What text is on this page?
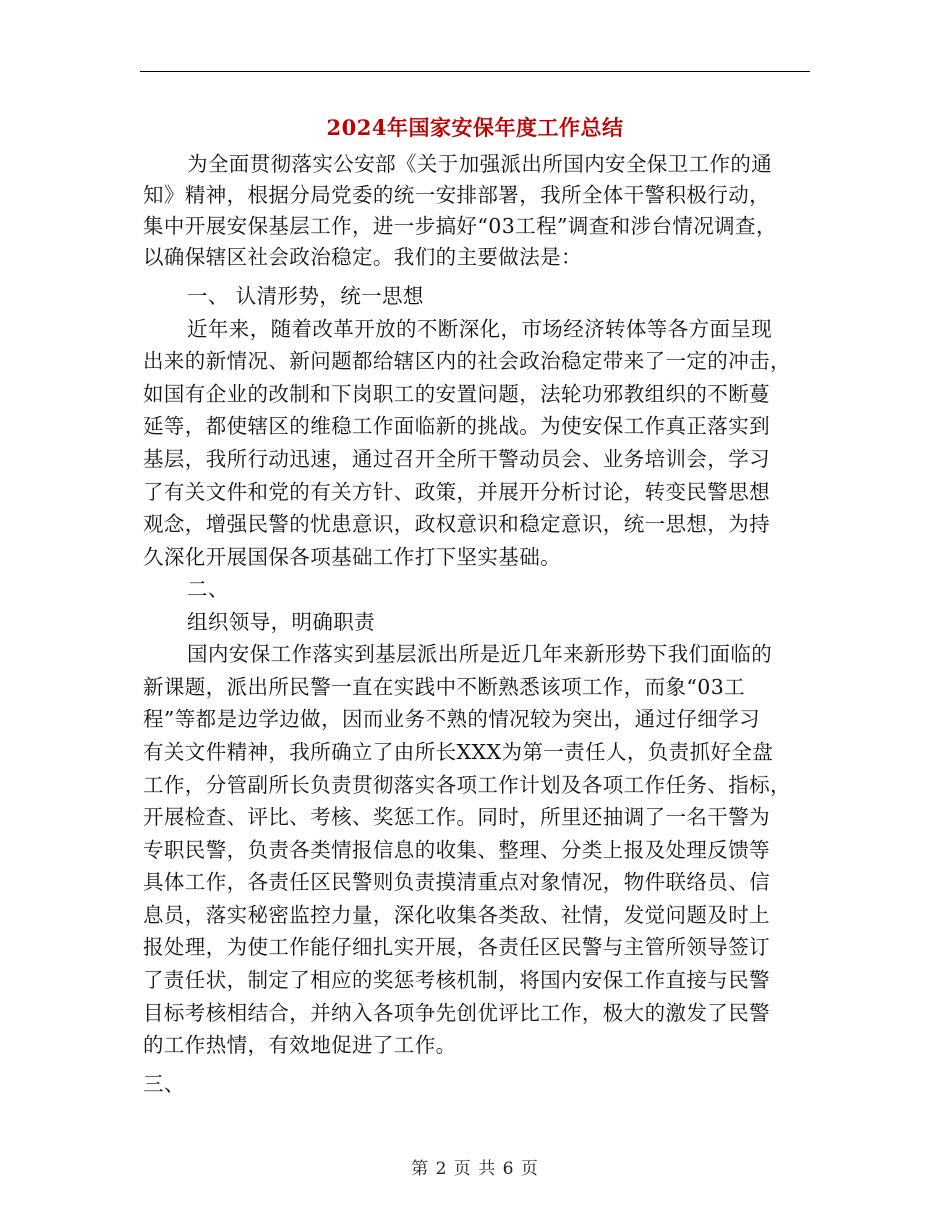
2024年国家安保年度工作总结
为全面贯彻落实公安部《关于加强派出所国内安全保卫工作的通
知》精神，根据分局党委的统一安排部署，我所全体干警积极行动，
集中开展安保基层工作，进一步搞好“03工程”调查和涉台情况调查，
以确保辖区社会政治稳定。我们的主要做法是：
一、 认清形势，统一思想
近年来，随着改革开放的不断深化，市场经济转体等各方面呈现
出来的新情况、新问题都给辖区内的社会政治稳定带来了一定的冲击，
如国有企业的改制和下岗职工的安置问题，法轮功邪教组织的不断蔓
延等，都使辖区的维稳工作面临新的挑战。为使安保工作真正落实到
基层，我所行动迅速，通过召开全所干警动员会、业务培训会，学习
了有关文件和党的有关方针、政策，并展开分析讨论，转变民警思想
观念，增强民警的忧患意识，政权意识和稳定意识，统一思想，为持
久深化开展国保各项基础工作打下坚实基础。
二、
组织领导，明确职责
国内安保工作落实到基层派出所是近几年来新形势下我们面临的
新课题，派出所民警一直在实践中不断熟悉该项工作，而象“03工
程”等都是边学边做，因而业务不熟的情况较为突出，通过仔细学习
有关文件精神，我所确立了由所长XXX为第一责任人，负责抓好全盘
工作，分管副所长负责贯彻落实各项工作计划及各项工作任务、指标，
开展检查、评比、考核、奖惩工作。同时，所里还抽调了一名干警为
专职民警，负责各类情报信息的收集、整理、分类上报及处理反馈等
具体工作，各责任区民警则负责摸清重点对象情况，物件联络员、信
息员，落实秘密监控力量，深化收集各类敌、社情，发觉问题及时上
报处理，为使工作能仔细扎实开展，各责任区民警与主管所领导签订
了责任状，制定了相应的奖惩考核机制，将国内安保工作直接与民警
目标考核相结合，并纳入各项争先创优评比工作，极大的激发了民警
的工作热情，有效地促进了工作。
三、
第 2 页 共 6 页
